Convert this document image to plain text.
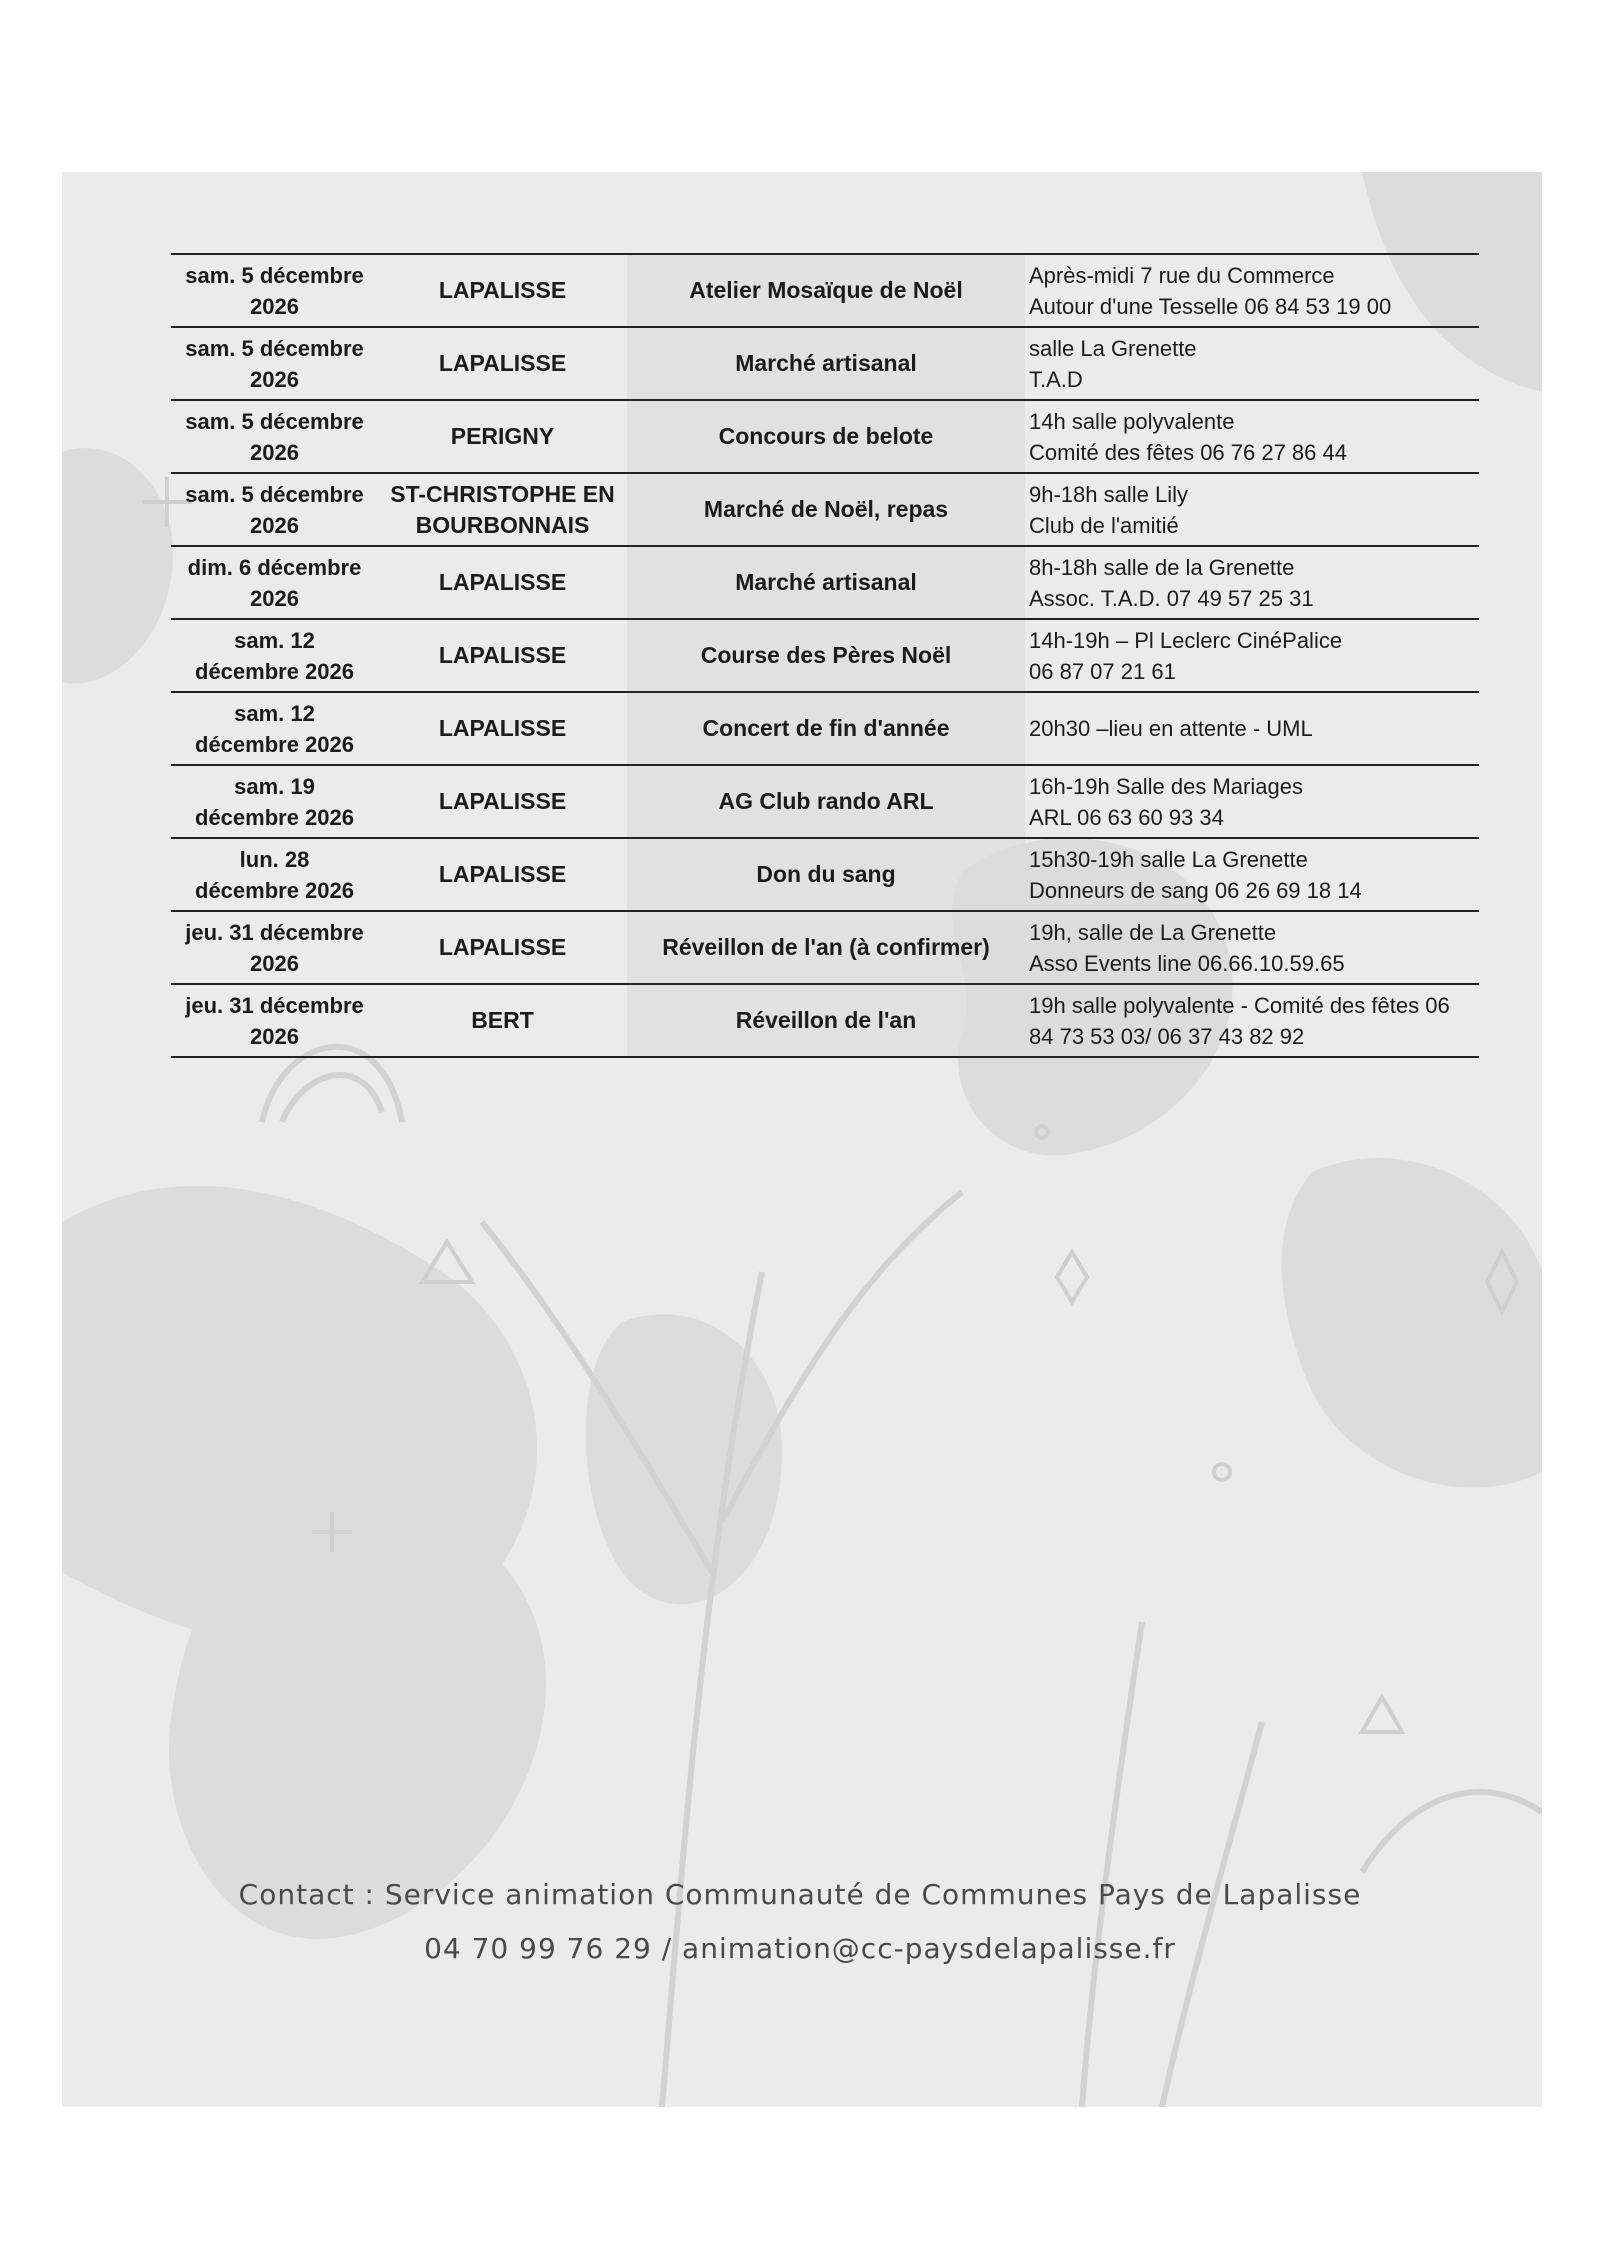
sam. 5 décembre
2026	LAPALISSE	Atelier Mosaïque de Noël	Après-midi 7 rue du Commerce
Autour d'une Tesselle 06 84 53 19 00

sam. 5 décembre
2026	LAPALISSE	Marché artisanal	salle La Grenette
T.A.D

sam. 5 décembre
2026	PERIGNY	Concours de belote	14h salle polyvalente
Comité des fêtes 06 76 27 86 44

sam. 5 décembre
2026	ST-CHRISTOPHE EN
BOURBONNAIS	Marché de Noël, repas	9h-18h salle Lily
Club de l'amitié

dim. 6 décembre
2026	LAPALISSE	Marché artisanal	8h-18h salle de la Grenette
Assoc. T.A.D. 07 49 57 25 31

sam. 12
décembre 2026	LAPALISSE	Course des Pères Noël	14h-19h – Pl Leclerc CinéPalice
06 87 07 21 61

sam. 12
décembre 2026	LAPALISSE	Concert de fin d'année	20h30 –lieu en attente - UML

sam. 19
décembre 2026	LAPALISSE	AG Club rando ARL	16h-19h Salle des Mariages
ARL 06 63 60 93 34

lun. 28
décembre 2026	LAPALISSE	Don du sang	15h30-19h salle La Grenette
Donneurs de sang 06 26 69 18 14

jeu. 31 décembre
2026	LAPALISSE	Réveillon de l'an (à confirmer)	19h, salle de La Grenette
Asso Events line 06.66.10.59.65

jeu. 31 décembre
2026	BERT	Réveillon de l'an	19h salle polyvalente - Comité des fêtes 06
84 73 53 03/ 06 37 43 82 92
Contact : Service animation Communauté de Communes Pays de Lapalisse
04 70 99 76 29 / animation@cc-paysdelapalisse.fr
